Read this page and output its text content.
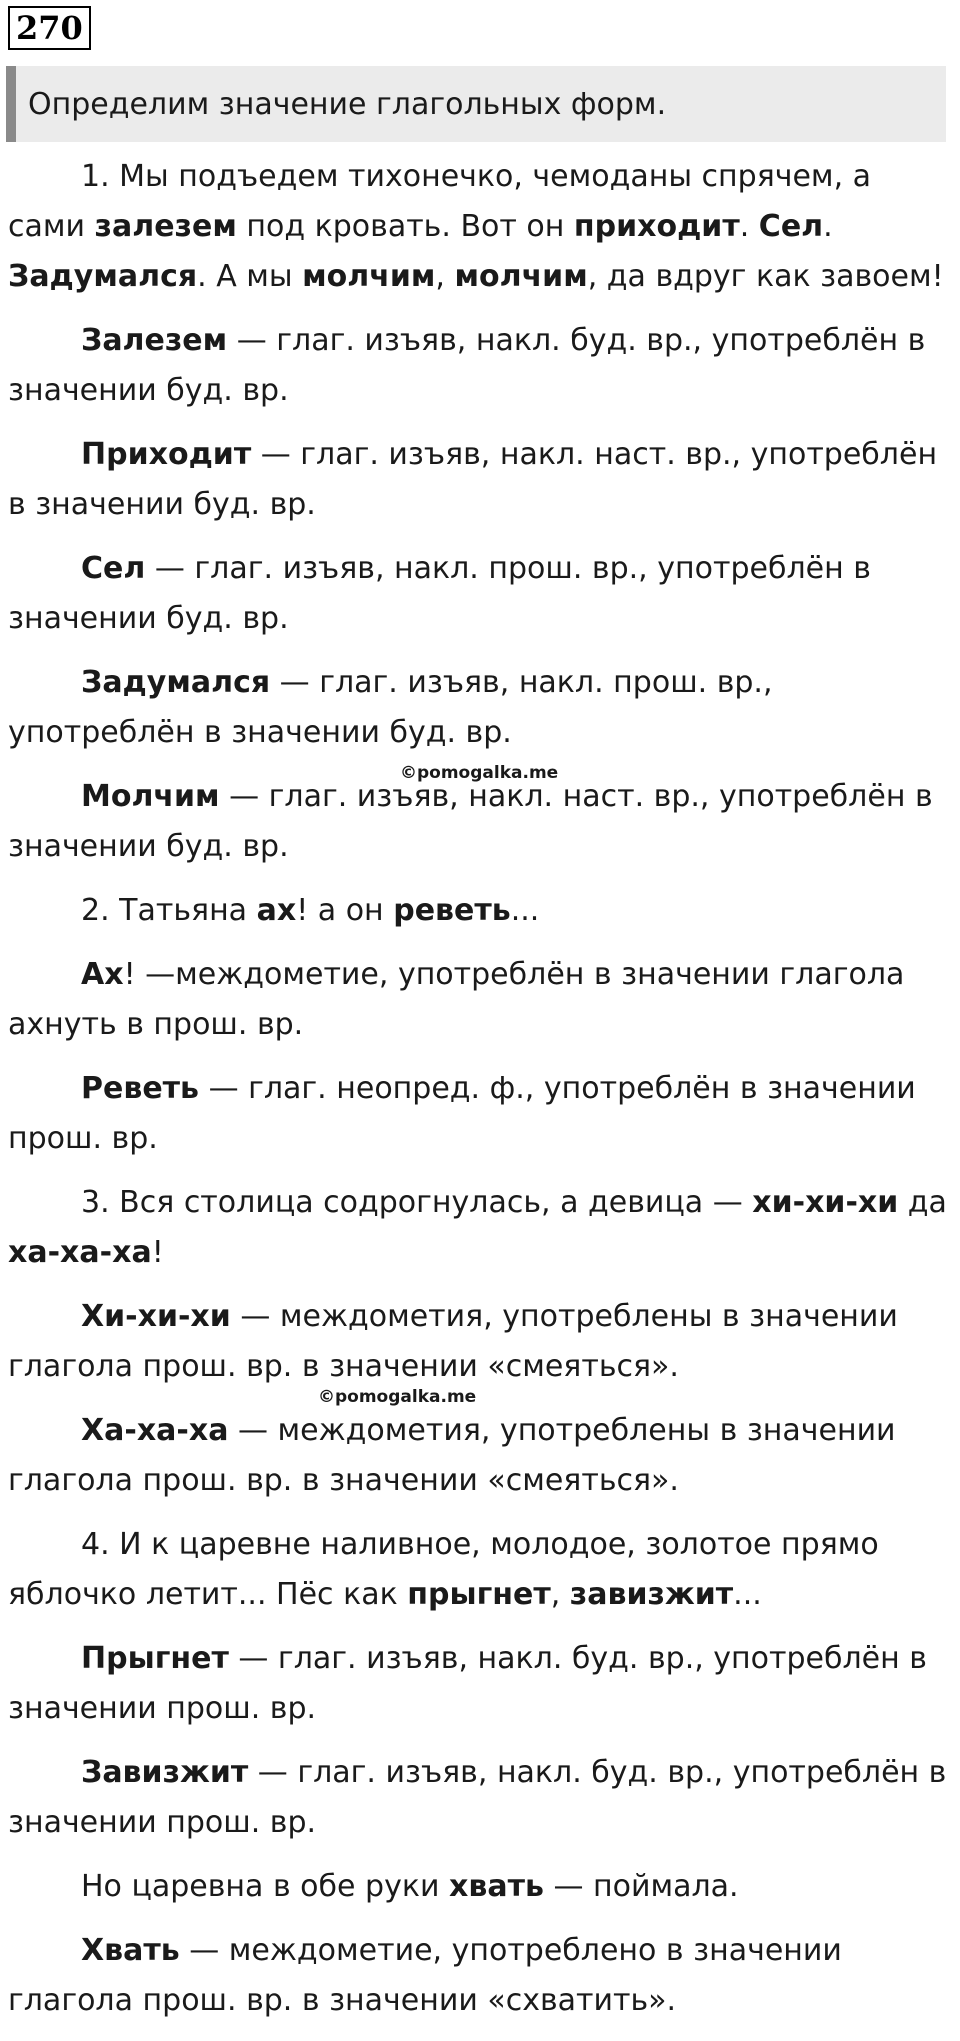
270
Определим значение глагольных форм.

1. Мы подъедем тихонечко, чемоданы спрячем, а сами залезем под кровать. Вот он приходит. Сел. Задумался. А мы молчим, молчим, да вдруг как завоем!

Залезем — глаг. изъяв, накл. буд. вр., употреблён в значении буд. вр.

Приходит — глаг. изъяв, накл. наст. вр., употреблён в значении буд. вр.

Сел — глаг. изъяв, накл. прош. вр., употреблён в значении буд. вр.

Задумался — глаг. изъяв, накл. прош. вр., употреблён в значении буд. вр.

Молчим — глаг. изъяв, накл. наст. вр., употреблён в значении буд. вр.

2. Татьяна ах! а он реветь...

Ах! —междометие, употреблён в значении глагола ахнуть в прош. вр.

Реветь — глаг. неопред. ф., употреблён в значении прош. вр.

3. Вся столица содрогнулась, а девица — хи-хи-хи да ха-ха-ха!

Хи-хи-хи — междометия, употреблены в значении глагола прош. вр. в значении «смеяться».

Ха-ха-ха — междометия, употреблены в значении глагола прош. вр. в значении «смеяться».

4. И к царевне наливное, молодое, золотое прямо яблочко летит... Пёс как прыгнет, завизжит...

Прыгнет — глаг. изъяв, накл. буд. вр., употреблён в значении прош. вр.

Завизжит — глаг. изъяв, накл. буд. вр., употреблён в значении прош. вр.

Но царевна в обе руки хвать — поймала.

Хвать — междометие, употреблено в значении глагола прош. вр. в значении «схватить».

©pomogalka.me
©pomogalka.me
